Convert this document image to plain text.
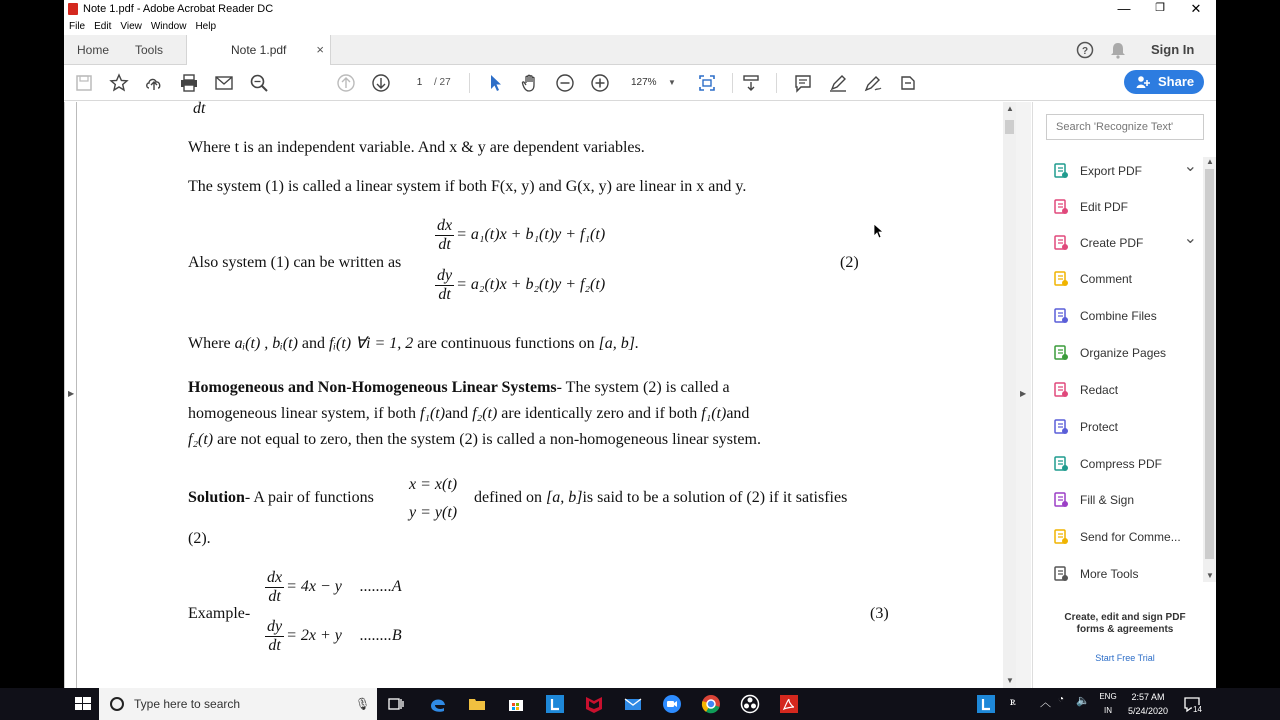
Note 1.pdf - Adobe Acrobat Reader DC	—	❐	✕
File Edit View Window Help
Home Tools	Note 1.pdf ×	?	Sign In
1	/ 27	127% ▼	Share
▶
dt
Where t is an independent variable. And x & y are dependent variables.
The system (1) is called a linear system if both F(x, y) and G(x, y) are linear in x and y.
Also system (1) can be written as
$\frac{dx}{dt} = a_1(t)x + b_1(t)y + f_1(t)$
$\frac{dy}{dt} = a_2(t)x + b_2(t)y + f_2(t)$
(2)
Where aᵢ(t) , bᵢ(t) and fᵢ(t) ∀i = 1, 2 are continuous functions on [a, b].
Homogeneous and Non-Homogeneous Linear Systems- The system (2) is called a
homogeneous linear system, if both f₁(t)and f₂(t) are identically zero and if both f₁(t)and
f₂(t) are not equal to zero, then the system (2) is called a non-homogeneous linear system.
Solution- A pair of functions
x = x(t)
y = y(t)
defined on [a, b]is said to be a solution of (2) if it satisfies
(2).
Example-
$\frac{dx}{dt} = 4x - y$ ........A
$\frac{dy}{dt} = 2x + y$ ........B
(3)
▲
▼
▶
Search 'Recognize Text'
Export PDF	⌄
Edit PDF
Create PDF	⌄
Comment
Combine Files
Organize Pages
Redact
Protect
Compress PDF
Fill & Sign
Send for Comme...
More Tools
Create, edit and sign PDF
forms & agreements
Start Free Trial
▲
▼
Type here to search	🎙	ꭱ	︿ ◔	🔈	ENG
IN
2:57 AM
5/24/2020	14
